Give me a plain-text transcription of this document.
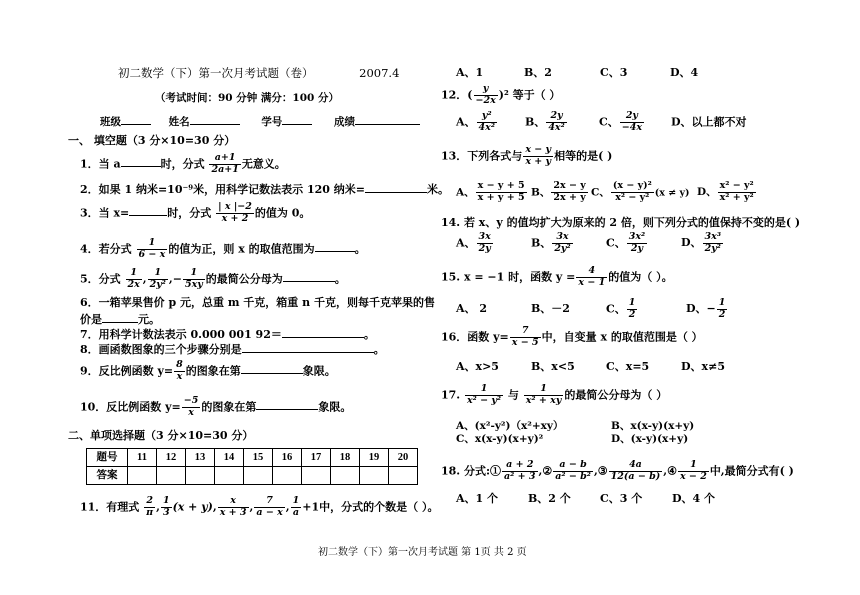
初二数学（下）第一次月考试题（卷）	2007.4
（考试时间：90 分钟 满分：100 分）
班级	姓名	学号	成绩
一、 填空题（3 分×10=30 分）
1．当 a	时，分式 $\frac{a+1}{2a+1}$ 无意义。
2．如果 1 纳米=10⁻⁹米，用科学记数法表示 120 纳米=	米。
3．当 x=	时，分式 $\frac{| x |-2}{x + 2}$ 的值为 0。
4．若分式 $\frac{1}{6 - x}$ 的值为正，则 x 的取值范围为	。
5．分式 $\frac{1}{2x}$ , $\frac{1}{\text{2y²}}$ ,− $\frac{1}{5xy}$ 的最简公分母为	。
6．一箱苹果售价 p 元，总重 m 千克，箱重 n 千克，则每千克苹果的售
价是	元。
7．用科学计数法表示 0.000 001 92＝	。
8．画函数图象的三个步骤分别是	。
9．反比例函数 $y= \frac{8}{x}$ 的图象在第	象限。
10．反比例函数 $y= \frac{-5}{x}$ 的图象在第	象限。
二、单项选择题（3 分×10=30 分）
题号	11	12	13	14	15	16	17	18	19	20
答案										
11．有理式 $\frac{2}{\pi}$ , $\frac{1}{3} (x + y)$, $\frac{x}{x + 3}$ , $\frac{7}{a - x}$ , $\frac{1}{a} +1$中，分式的个数是（ ）。
A、1	B、2	C、3	D、4
12．( $\frac{y}{-2x} )^2$ 等于（ ）
A、 $\frac{\text{y²}}{\text{4x²}}$	B、 $\frac{2y}{\text{4x²}}$	C、 $\frac{2y}{-4x}$ D、以上都不对
13．下列各式与 $\frac{x - y}{x + y}$ 相等的是( )
A、 $\frac{x - y + 5}{x + y + 5}$ B、 $\frac{2x - y}{2x + y}$ C、 $\frac{\text{(x − y)²}}{\text{x² − y²}} (x \ne y)$ D、 $\frac{\text{x² − y²}}{\text{x² + y²}}$
14. 若 x、y 的值均扩大为原来的 2 倍，则下列分式的值保持不变的是( )
A、 $\frac{3x}{2y}$	B、 $\frac{3x}{\text{2y²}}$	C、 $\frac{\text{3x²}}{2y}$	D、 $\frac{\text{3x³}}{\text{2y²}}$
15. x = −1 时，函数 $y = \frac{4}{x - 1}$ 的值为（ ）。
A、 2	B、－2	C、 $\frac{1}{2}$	D、− $\frac{1}{2}$
16．函数 $y= \frac{7}{x - 5}$ 中，自变量 x 的取值范围是（ ）
A、x>5	B、x<5	C、x=5	D、x≠5
17. $\frac{1}{\text{x² − y²}}$ 与 $\frac{1}{\text{x² + xy}}$ 的最简公分母为（ ）
A、(x²-y²)（x²+xy）	B、x(x-y)(x+y)
C、x(x-y)(x+y)²	D、(x-y)(x+y)
18. 分式:① $\frac{a + 2}{\text{a² + 3}}$ ,② $\frac{a - b}{\text{a² − b²}}$ ,③ $\frac{4a}{12(a - b)}$ ,④ $\frac{1}{x - 2}$ 中,最简分式有( )
A、1 个	B、2 个	C、3 个	D、4 个
初二数学（下）第一次月考试题 第 1页 共 2 页
